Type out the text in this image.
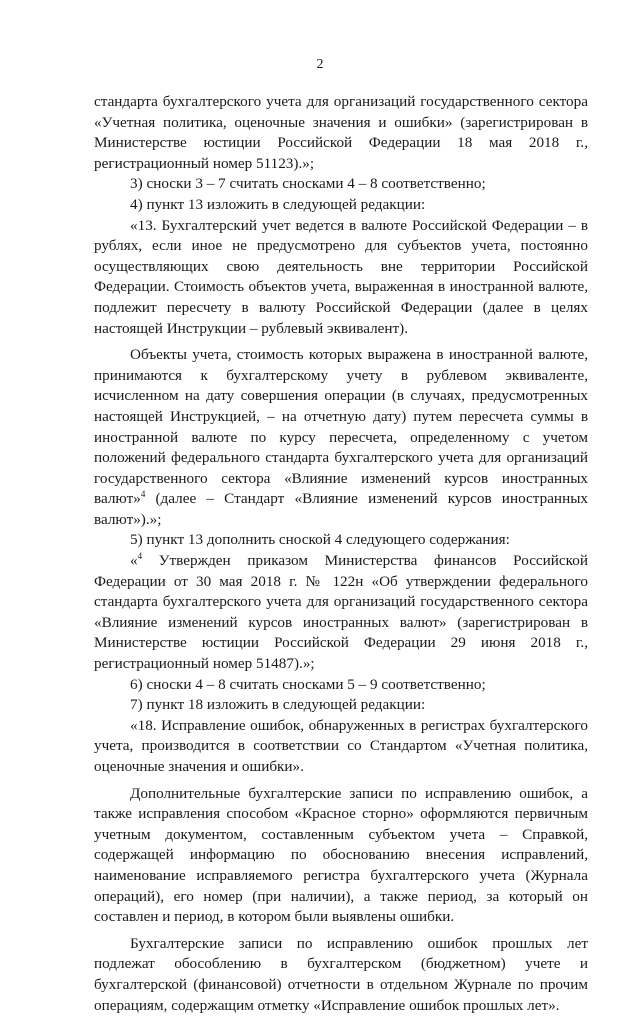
2

стандарта бухгалтерского учета для организаций государственного сектора «Учетная политика, оценочные значения и ошибки» (зарегистрирован в Министерстве юстиции Российской Федерации 18 мая 2018 г., регистрационный номер 51123).»;

3) сноски 3 – 7 считать сносками 4 – 8 соответственно;

4) пункт 13 изложить в следующей редакции:

«13. Бухгалтерский учет ведется в валюте Российской Федерации – в рублях, если иное не предусмотрено для субъектов учета, постоянно осуществляющих свою деятельность вне территории Российской Федерации. Стоимость объектов учета, выраженная в иностранной валюте, подлежит пересчету в валюту Российской Федерации (далее в целях настоящей Инструкции – рублевый эквивалент).

Объекты учета, стоимость которых выражена в иностранной валюте, принимаются к бухгалтерскому учету в рублевом эквиваленте, исчисленном на дату совершения операции (в случаях, предусмотренных настоящей Инструкцией, – на отчетную дату) путем пересчета суммы в иностранной валюте по курсу пересчета, определенному с учетом положений федерального стандарта бухгалтерского учета для организаций государственного сектора «Влияние изменений курсов иностранных валют»$^4$ (далее – Стандарт «Влияние изменений курсов иностранных валют»).»;

5) пункт 13 дополнить сноской 4 следующего содержания:

«$^4$ Утвержден приказом Министерства финансов Российской Федерации от 30 мая 2018 г. № 122н «Об утверждении федерального стандарта бухгалтерского учета для организаций государственного сектора «Влияние изменений курсов иностранных валют» (зарегистрирован в Министерстве юстиции Российской Федерации 29 июня 2018 г., регистрационный номер 51487).»;

6) сноски 4 – 8 считать сносками 5 – 9 соответственно;

7) пункт 18 изложить в следующей редакции:

«18. Исправление ошибок, обнаруженных в регистрах бухгалтерского учета, производится в соответствии со Стандартом «Учетная политика, оценочные значения и ошибки».

Дополнительные бухгалтерские записи по исправлению ошибок, а также исправления способом «Красное сторно» оформляются первичным учетным документом, составленным субъектом учета – Справкой, содержащей информацию по обоснованию внесения исправлений, наименование исправляемого регистра бухгалтерского учета (Журнала операций), его номер (при наличии), а также период, за который он составлен и период, в котором были выявлены ошибки.

Бухгалтерские записи по исправлению ошибок прошлых лет подлежат обособлению в бухгалтерском (бюджетном) учете и бухгалтерской (финансовой) отчетности в отдельном Журнале по прочим операциям, содержащим отметку «Исправление ошибок прошлых лет».
